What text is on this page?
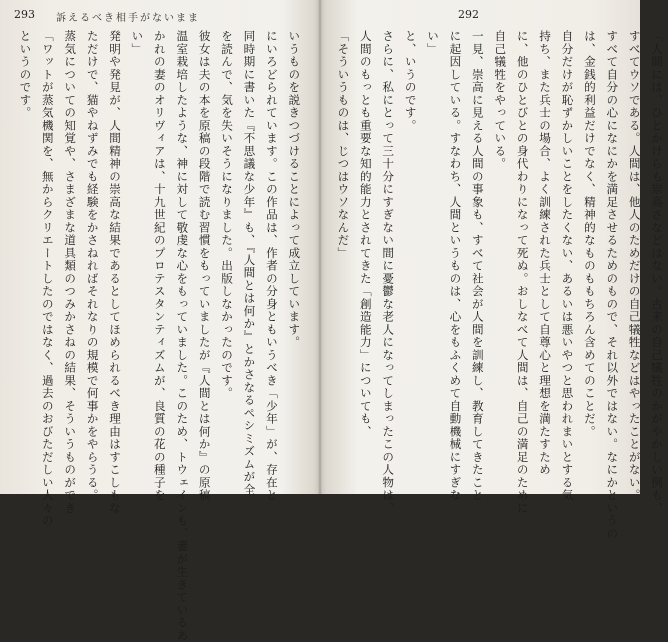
293 訴えるべき相手がないまま
いうものを説きつづけることによって成立しています。
にいろどられています。この作品は、作者の分身ともいうべき「少年」が、存在と
同時期に書いた『不思議な少年』も、『人間とは何か』とかさなるペシミズムが全
を読んで、気を失いそうになりました。出版しなかったのです。
彼女は夫の本を原稿の段階で読む習慣をもっていましたが『人間とは何か』の原稿
温室栽培したような、神に対して敬虔な心をもっていました。このため、トウェインも、妻が生きているあ
かれの妻のオリヴィアは、十九世紀のプロテスタンティズムが、良質の花の種子を
い」
発明や発見が、人間精神の崇高な結果であるとしてほめられるべき理由はすこしもな
ただけで、猫やねずみでも経験をかさねればそれなりの規模で何事かをやらうる。
蒸気についての知覚や、さまざまな道具類のつみかさねの結果、そういうものができ
「ワットが蒸気機関を、無からクリエートしたのではなく、過去のおびただしい人々の
というのです。
292
「人間には、ひとかけらも崇高さなどはない。古来の自己犠牲のかがやかしい例も、
すべてウソである。人間は、他人のためだけの自己犠牲などはやったことがない。
すべて自分の心になにかを満足させるためのもので、それ以外ではない。なにかというの
は、金銭的利益だけでなく、精神的なものももちろん含めてのことだ。
自分だけが恥ずかしいことをしたくない、あるいは悪いやつと思われまいとする気
持ち、また兵士の場合、よく訓練された兵士として自尊心と理想を満たすため
に、他のひとびとの身代わりになって死ぬ。おしなべて人間は、自己の満足のために
自己犠牲をやっている。
一見、崇高に見える人間の事象も、すべて社会が人間を訓練し、教育してきたこと
に起因している。すなわち、人間というものは、心をもふくめて自動機械にすぎな
い」
と、いうのです。
さらに、私にとって三十分にすぎない間に憂鬱な老人になってしまったこの人物は、
人間のもっとも重要な知的能力とされてきた「創造能力」についても、
「そういうものは、じつはウソなんだ」
